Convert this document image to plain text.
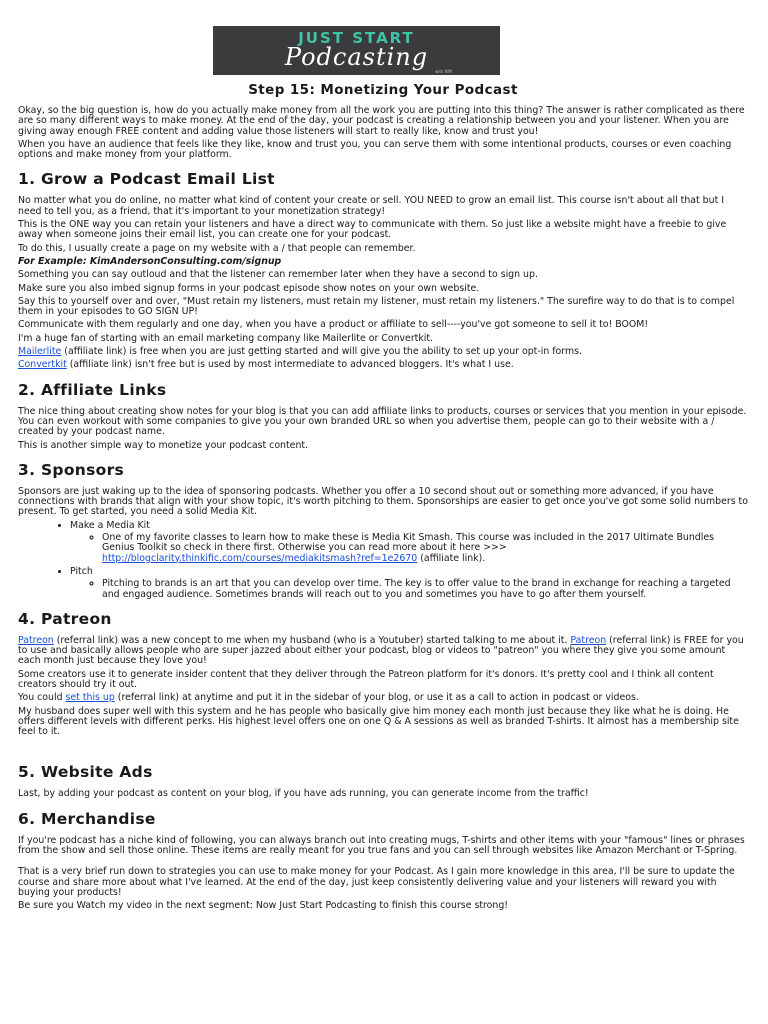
JUST START
Podcasting
with KIM
Step 15: Monetizing Your Podcast

Okay, so the big question is, how do you actually make money from all the work you are putting into this thing? The answer is rather complicated as there are so many different ways to make money. At the end of the day, your podcast is creating a relationship between you and your listener. When you are giving away enough FREE content and adding value those listeners will start to really like, know and trust you!

When you have an audience that feels like they like, know and trust you, you can serve them with some intentional products, courses or even coaching options and make money from your platform.

1. Grow a Podcast Email List

No matter what you do online, no matter what kind of content your create or sell. YOU NEED to grow an email list. This course isn't about all that but I need to tell you, as a friend, that it's important to your monetization strategy!

This is the ONE way you can retain your listeners and have a direct way to communicate with them. So just like a website might have a freebie to give away when someone joins their email list, you can create one for your podcast.

To do this, I usually create a page on my website with a / that people can remember.

For Example: KimAndersonConsulting.com/signup

Something you can say outloud and that the listener can remember later when they have a second to sign up.

Make sure you also imbed signup forms in your podcast episode show notes on your own website.

Say this to yourself over and over, "Must retain my listeners, must retain my listener, must retain my listeners." The surefire way to do that is to compel them in your episodes to GO SIGN UP!

Communicate with them regularly and one day, when you have a product or affiliate to sell----you've got someone to sell it to! BOOM!

I'm a huge fan of starting with an email marketing company like Mailerlite or Convertkit.

Mailerlite (affiliate link) is free when you are just getting started and will give you the ability to set up your opt-in forms.

Convertkit (affiliate link) isn't free but is used by most intermediate to advanced bloggers. It's what I use.

2. Affiliate Links

The nice thing about creating show notes for your blog is that you can add affiliate links to products, courses or services that you mention in your episode. You can even workout with some companies to give you your own branded URL so when you advertise them, people can go to their website with a / created by your podcast name.

This is another simple way to monetize your podcast content.

3. Sponsors

Sponsors are just waking up to the idea of sponsoring podcasts. Whether you offer a 10 second shout out or something more advanced, if you have connections with brands that align with your show topic, it's worth pitching to them. Sponsorships are easier to get once you've got some solid numbers to present. To get started, you need a solid Media Kit.

• Make a Media Kit
◦ One of my favorite classes to learn how to make these is Media Kit Smash. This course was included in the 2017 Ultimate Bundles Genius Toolkit so check in there first. Otherwise you can read more about it here >>> http://blogclarity.thinkific.com/courses/mediakitsmash?ref=1e2670 (affiliate link).
• Pitch
◦ Pitching to brands is an art that you can develop over time. The key is to offer value to the brand in exchange for reaching a targeted and engaged audience. Sometimes brands will reach out to you and sometimes you have to go after them yourself.
4. Patreon

Patreon (referral link) was a new concept to me when my husband (who is a Youtuber) started talking to me about it. Patreon (referral link) is FREE for you to use and basically allows people who are super jazzed about either your podcast, blog or videos to "patreon" you where they give you some amount each month just because they love you!

Some creators use it to generate insider content that they deliver through the Patreon platform for it's donors. It's pretty cool and I think all content creators should try it out.

You could set this up (referral link) at anytime and put it in the sidebar of your blog, or use it as a call to action in podcast or videos.

My husband does super well with this system and he has people who basically give him money each month just because they like what he is doing. He offers different levels with different perks. His highest level offers one on one Q & A sessions as well as branded T-shirts. It almost has a membership site feel to it.

5. Website Ads

Last, by adding your podcast as content on your blog, if you have ads running, you can generate income from the traffic!

6. Merchandise

If you're podcast has a niche kind of following, you can always branch out into creating mugs, T-shirts and other items with your "famous" lines or phrases from the show and sell those online. These items are really meant for you true fans and you can sell through websites like Amazon Merchant or T-Spring.

That is a very brief run down to strategies you can use to make money for your Podcast. As I gain more knowledge in this area, I'll be sure to update the course and share more about what I've learned. At the end of the day, just keep consistently delivering value and your listeners will reward you with buying your products!

Be sure you Watch my video in the next segment: Now Just Start Podcasting to finish this course strong!
